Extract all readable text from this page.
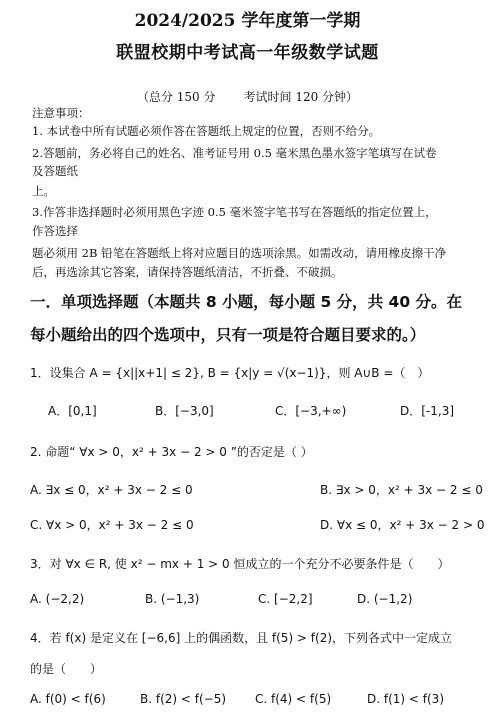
2024/2025 学年度第一学期
联盟校期中考试高一年级数学试题
（总分 150 分 考试时间 120 分钟）
注意事项：
1. 本试卷中所有试题必须作答在答题纸上规定的位置，否则不给分。
2.答题前，务必将自己的姓名、准考证号用 0.5 毫米黑色墨水签字笔填写在试卷
及答题纸
上。
3.作答非选择题时必须用黑色字迹 0.5 毫米签字笔书写在答题纸的指定位置上，
作答选择
题必须用 2B 铅笔在答题纸上将对应题目的选项涂黑。如需改动，请用橡皮擦干净
后，再选涂其它答案，请保持答题纸清洁，不折叠、不破损。
一．单项选择题（本题共 8 小题，每小题 5 分，共 40 分。在
每小题给出的四个选项中，只有一项是符合题目要求的。）
1．设集合 A = {x||x+1| ≤ 2}, B = {x|y = √(x−1)}，则 A∪B =（　）
A．[0,1]	B．[−3,0]	C．[−3,+∞)	D．[-1,3]
2. 命题“ ∀x > 0，x² + 3x − 2 > 0 ”的否定是（ ）
A. ∃x ≤ 0，x² + 3x − 2 ≤ 0	B. ∃x > 0，x² + 3x − 2 ≤ 0
C. ∀x > 0，x² + 3x − 2 ≤ 0	D. ∀x ≤ 0，x² + 3x − 2 > 0
3．对 ∀x ∈ R, 使 x² − mx + 1 > 0 恒成立的一个充分不必要条件是（　　）
A. (−2,2)	B. (−1,3)	C. [−2,2]	D. (−1,2)
4．若 f(x) 是定义在 [−6,6] 上的偶函数，且 f(5) > f(2)，下列各式中一定成立
的是（　　）
A. f(0) < f(6)	B. f(2) < f(−5) C. f(4) < f(5)	D. f(1) < f(3)
